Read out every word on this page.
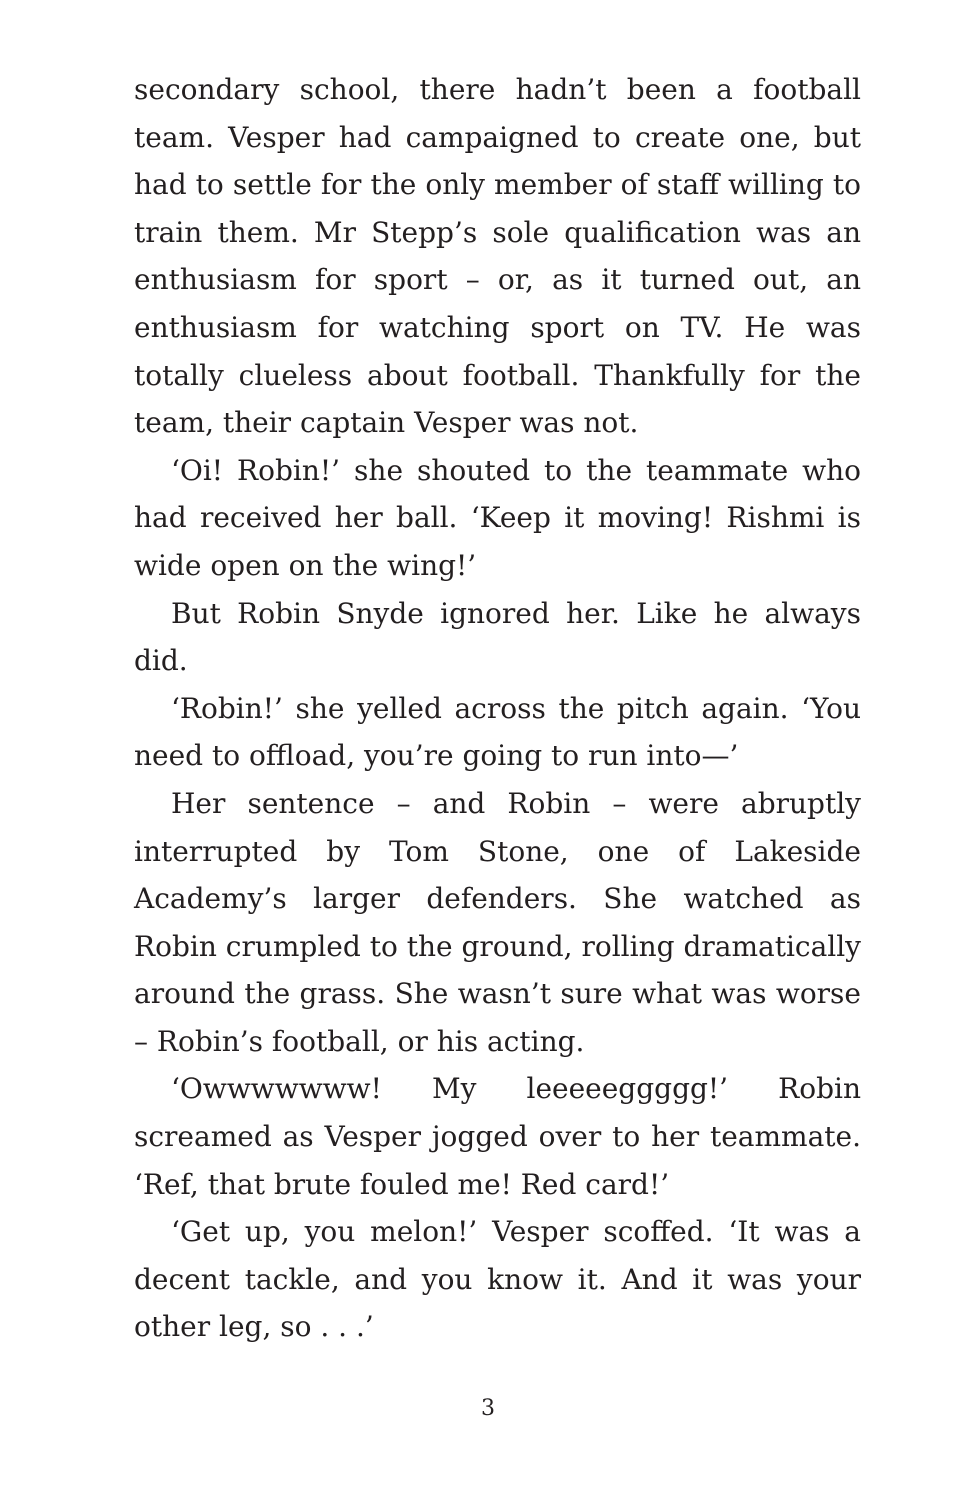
secondary school, there hadn’t been a football team. Vesper had campaigned to create one, but had to settle for the only member of staff willing to train them. Mr Stepp’s sole qualification was an enthusiasm for sport – or, as it turned out, an enthusiasm for watching sport on TV. He was totally clueless about football. Thankfully for the team, their captain Vesper was not.

‘Oi! Robin!’ she shouted to the teammate who had received her ball. ‘Keep it moving! Rishmi is wide open on the wing!’

But Robin Snyde ignored her. Like he always did.

‘Robin!’ she yelled across the pitch again. ‘You need to offload, you’re going to run into—’

Her sentence – and Robin – were abruptly interrupted by Tom Stone, one of Lakeside Academy’s larger defenders. She watched as Robin crumpled to the ground, rolling dramatically around the grass. She wasn’t sure what was worse – Robin’s football, or his acting.

‘Owwwwwww! My leeeeeggggg!’ Robin screamed as Vesper jogged over to her teammate. ‘Ref, that brute fouled me! Red card!’

‘Get up, you melon!’ Vesper scoffed. ‘It was a decent tackle, and you know it. And it was your other leg, so . . .’

3
